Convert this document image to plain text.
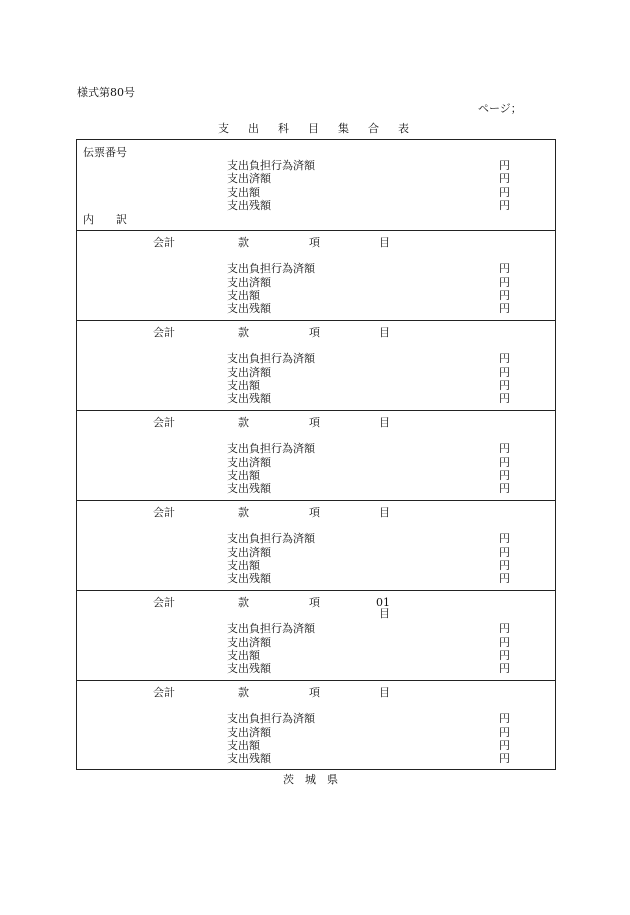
様式第80号
ページ；
支 出 科 目 集 合 表
伝票番号
支出負担行為済額	円
支出済額	円
支出額	円
支出残額	円
内　　訳
会計	款	項	目
支出負担行為済額	円
支出済額	円
支出額	円
支出残額	円
会計	款	項	目
支出負担行為済額	円
支出済額	円
支出額	円
支出残額	円
会計	款	項	目
支出負担行為済額	円
支出済額	円
支出額	円
支出残額	円
会計	款	項	目
支出負担行為済額	円
支出済額	円
支出額	円
支出残額	円
会計	款	項	01目
支出負担行為済額	円
支出済額	円
支出額	円
支出残額	円
会計	款	項	目
支出負担行為済額	円
支出済額	円
支出額	円
支出残額	円
茨 城 県
